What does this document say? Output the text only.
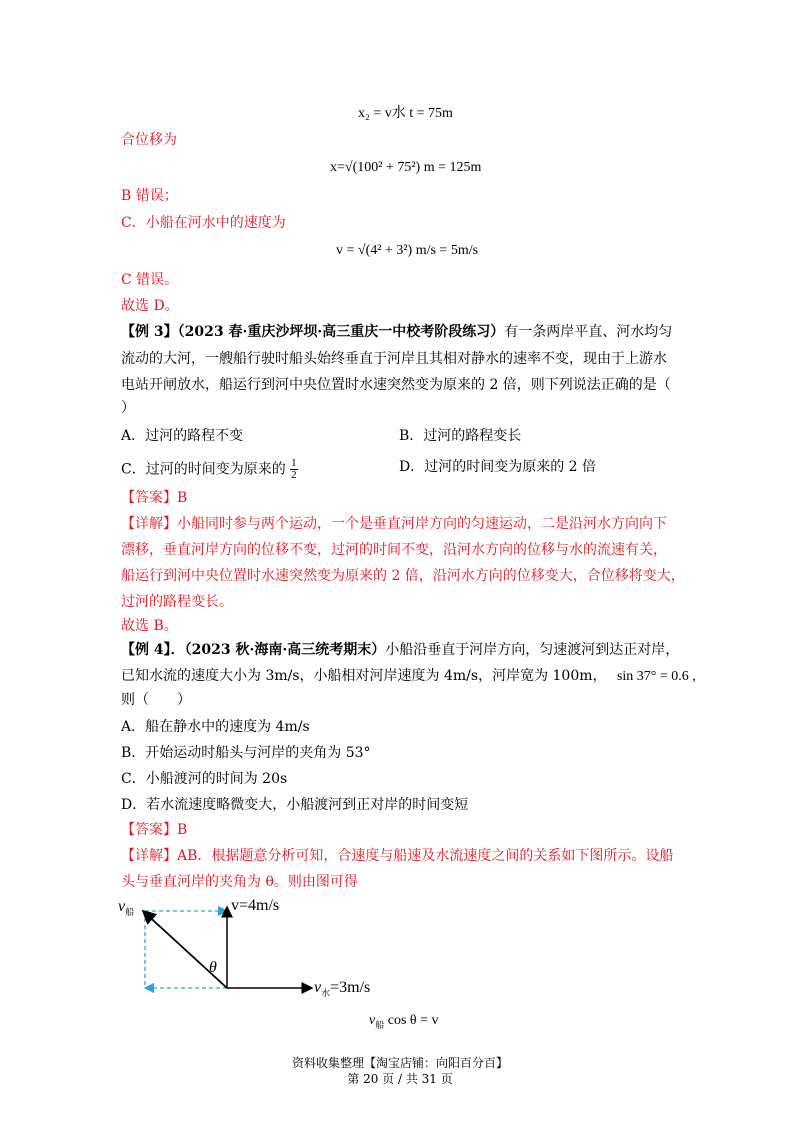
x₂ = v水 t = 75m
合位移为
x=√(100² + 75²) m = 125m
B 错误；
C．小船在河水中的速度为
v = √(4² + 3²) m/s = 5m/s
C 错误。
故选 D。
【例 3】（2023 春·重庆沙坪坝·高三重庆一中校考阶段练习）有一条两岸平直、河水均匀
流动的大河，一艘船行驶时船头始终垂直于河岸且其相对静水的速率不变，现由于上游水
电站开闸放水，船运行到河中央位置时水速突然变为原来的 2 倍，则下列说法正确的是（
）
A．过河的路程不变	B．过河的路程变长
C．过河的时间变为原来的 $\frac{1}{2}$	D．过河的时间变为原来的 2 倍
【答案】B
【详解】小船同时参与两个运动，一个是垂直河岸方向的匀速运动，二是沿河水方向向下
漂移，垂直河岸方向的位移不变，过河的时间不变，沿河水方向的位移与水的流速有关，
船运行到河中央位置时水速突然变为原来的 2 倍，沿河水方向的位移变大，合位移将变大，
过河的路程变长。
故选 B。
【例 4】．（2023 秋·海南·高三统考期末）小船沿垂直于河岸方向，匀速渡河到达正对岸，
已知水流的速度大小为 3m/s，小船相对河岸速度为 4m/s，河岸宽为 100m， sin 37° = 0.6 ,
则（　　）
A．船在静水中的速度为 4m/s
B．开始运动时船头与河岸的夹角为 53°
C．小船渡河的时间为 20s
D．若水流速度略微变大，小船渡河到正对岸的时间变短
【答案】B
【详解】AB．根据题意分析可知，合速度与船速及水流速度之间的关系如下图所示。设船
头与垂直河岸的夹角为 θ。则由图可得
$v_船$	v=4m/s
θ
$v_水=3m/s$
$v_船$ cos θ = v
资料收集整理【淘宝店铺：向阳百分百】
第 20 页 / 共 31 页
